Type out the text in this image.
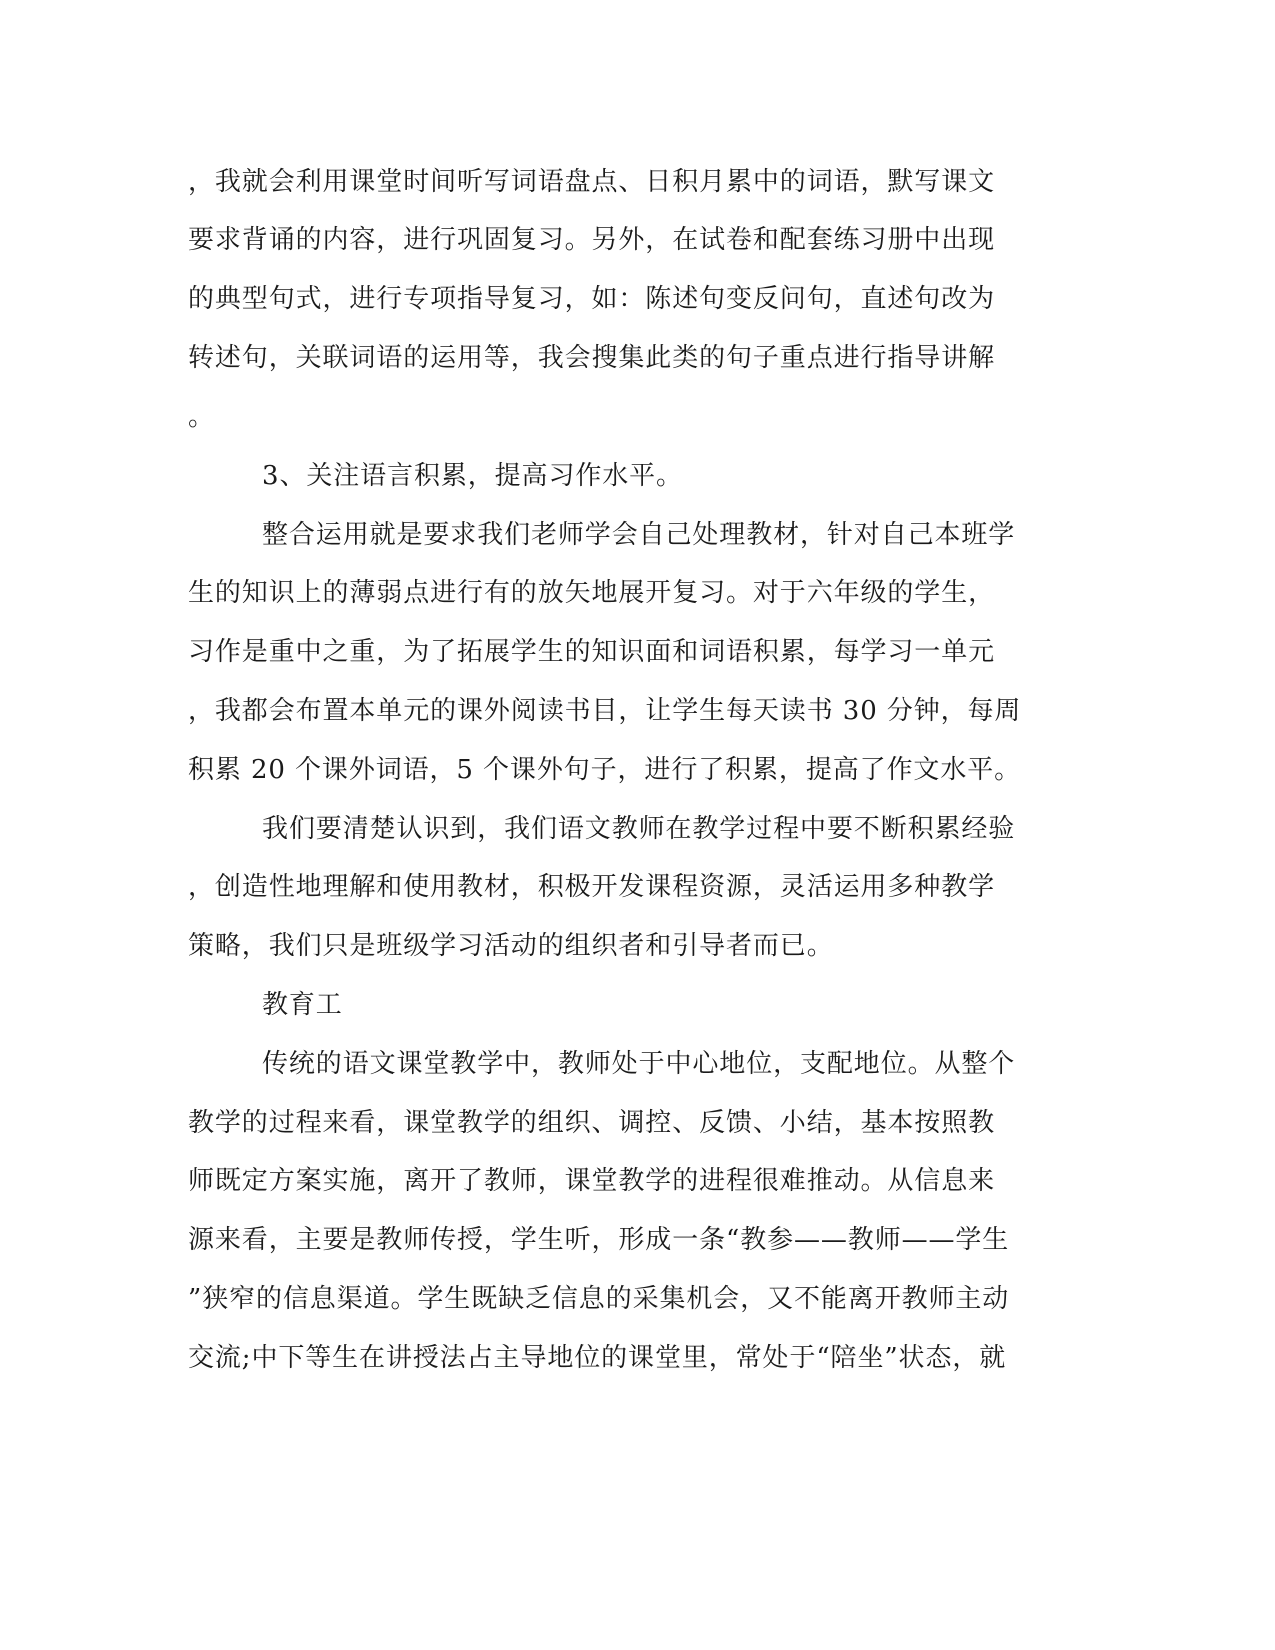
，我就会利用课堂时间听写词语盘点、日积月累中的词语，默写课文
要求背诵的内容，进行巩固复习。另外，在试卷和配套练习册中出现
的典型句式，进行专项指导复习，如：陈述句变反问句，直述句改为
转述句，关联词语的运用等，我会搜集此类的句子重点进行指导讲解
。
3、关注语言积累，提高习作水平。
整合运用就是要求我们老师学会自己处理教材，针对自己本班学
生的知识上的薄弱点进行有的放矢地展开复习。对于六年级的学生，
习作是重中之重，为了拓展学生的知识面和词语积累，每学习一单元
，我都会布置本单元的课外阅读书目，让学生每天读书 30 分钟，每周
积累 20 个课外词语，5 个课外句子，进行了积累，提高了作文水平。
我们要清楚认识到，我们语文教师在教学过程中要不断积累经验
，创造性地理解和使用教材，积极开发课程资源，灵活运用多种教学
策略，我们只是班级学习活动的组织者和引导者而已。
教育工
传统的语文课堂教学中，教师处于中心地位，支配地位。从整个
教学的过程来看，课堂教学的组织、调控、反馈、小结，基本按照教
师既定方案实施，离开了教师，课堂教学的进程很难推动。从信息来
源来看，主要是教师传授，学生听，形成一条“教参——教师——学生
”狭窄的信息渠道。学生既缺乏信息的采集机会，又不能离开教师主动
交流;中下等生在讲授法占主导地位的课堂里，常处于“陪坐”状态，就
